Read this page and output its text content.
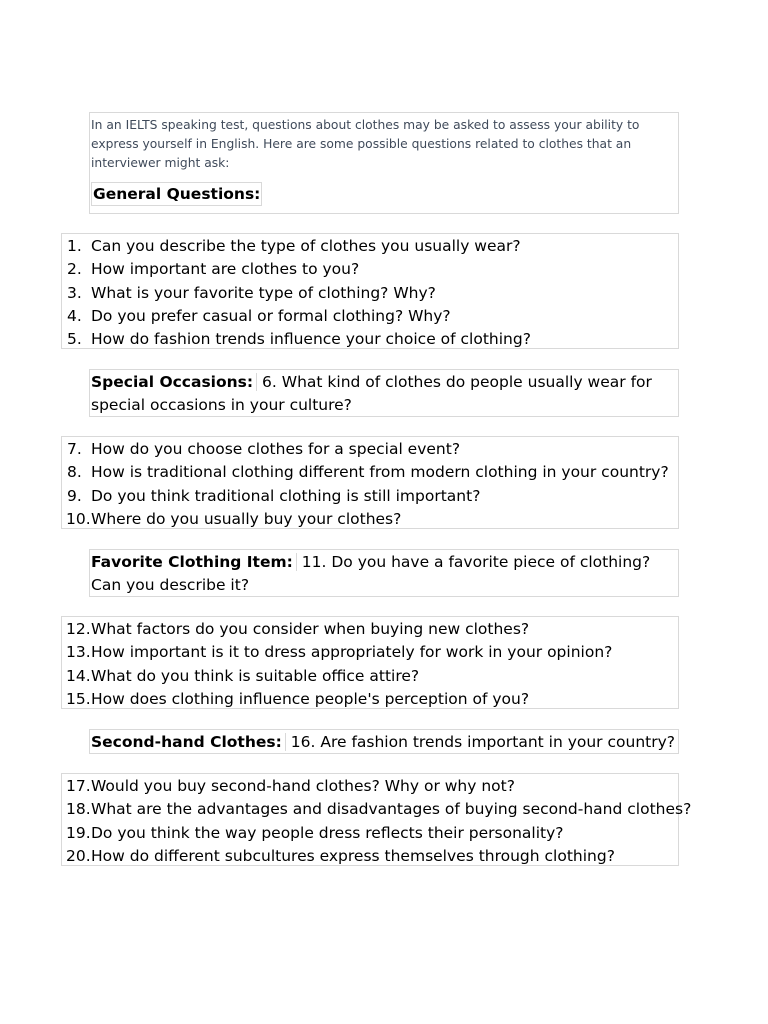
In an IELTS speaking test, questions about clothes may be asked to assess your ability to express yourself in English. Here are some possible questions related to clothes that an interviewer might ask:
General Questions:
1. Can you describe the type of clothes you usually wear?
2. How important are clothes to you?
3. What is your favorite type of clothing? Why?
4. Do you prefer casual or formal clothing? Why?
5. How do fashion trends influence your choice of clothing?
Special Occasions: 6. What kind of clothes do people usually wear for special occasions in your culture?
7. How do you choose clothes for a special event?
8. How is traditional clothing different from modern clothing in your country?
9. Do you think traditional clothing is still important?
10. Where do you usually buy your clothes?
Favorite Clothing Item: 11. Do you have a favorite piece of clothing? Can you describe it?
12. What factors do you consider when buying new clothes?
13. How important is it to dress appropriately for work in your opinion?
14. What do you think is suitable office attire?
15. How does clothing influence people's perception of you?
Second-hand Clothes: 16. Are fashion trends important in your country?
17. Would you buy second-hand clothes? Why or why not?
18. What are the advantages and disadvantages of buying second-hand clothes?
19. Do you think the way people dress reflects their personality?
20. How do different subcultures express themselves through clothing?
